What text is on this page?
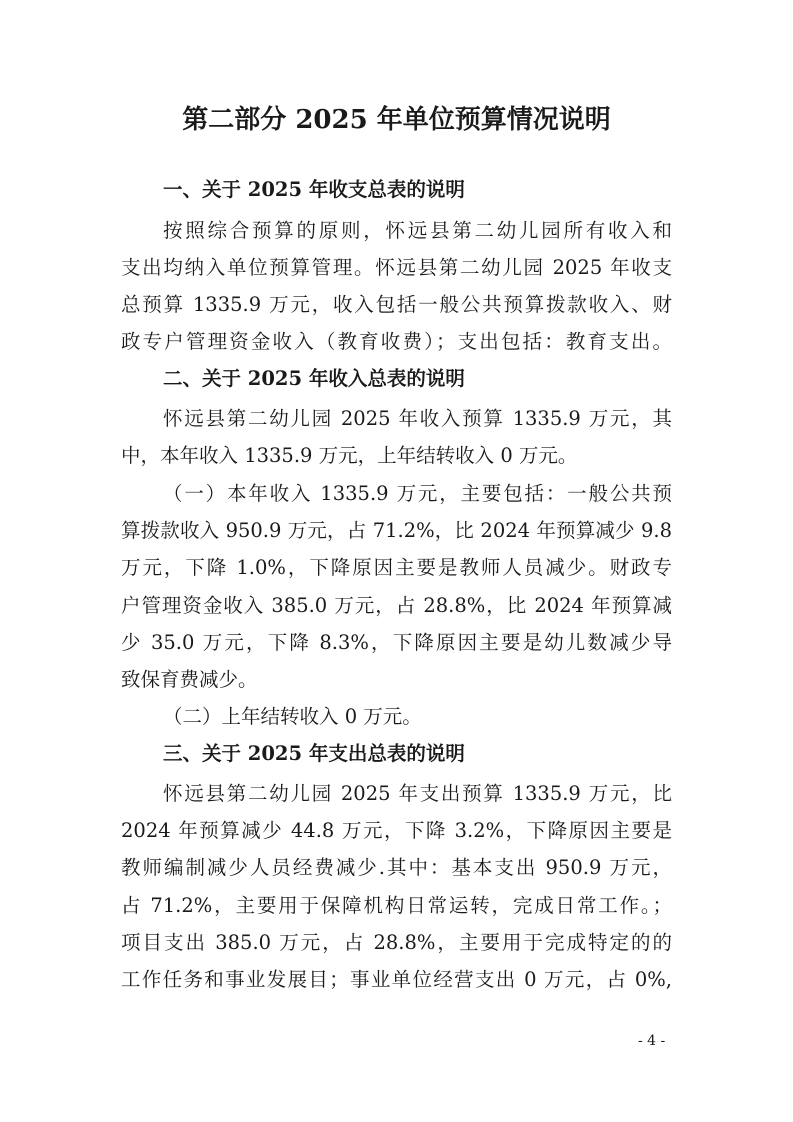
第二部分 2025 年单位预算情况说明
一、关于 2025 年收支总表的说明
按照综合预算的原则，怀远县第二幼儿园所有收入和
支出均纳入单位预算管理。怀远县第二幼儿园 2025 年收支
总预算 1335.9 万元，收入包括一般公共预算拨款收入、财
政专户管理资金收入（教育收费）；支出包括：教育支出。
二、关于 2025 年收入总表的说明
怀远县第二幼儿园 2025 年收入预算 1335.9 万元，其
中，本年收入 1335.9 万元，上年结转收入 0 万元。
（一）本年收入 1335.9 万元，主要包括：一般公共预
算拨款收入 950.9 万元，占 71.2%，比 2024 年预算减少 9.8
万元，下降 1.0%，下降原因主要是教师人员减少。财政专
户管理资金收入 385.0 万元，占 28.8%，比 2024 年预算减
少 35.0 万元，下降 8.3%，下降原因主要是幼儿数减少导
致保育费减少。
（二）上年结转收入 0 万元。
三、关于 2025 年支出总表的说明
怀远县第二幼儿园 2025 年支出预算 1335.9 万元，比
2024 年预算减少 44.8 万元，下降 3.2%，下降原因主要是
教师编制减少人员经费减少.其中：基本支出 950.9 万元，
占 71.2%，主要用于保障机构日常运转，完成日常工作。；
项目支出 385.0 万元，占 28.8%，主要用于完成特定的的
工作任务和事业发展目；事业单位经营支出 0 万元，占 0%,
- 4 -
